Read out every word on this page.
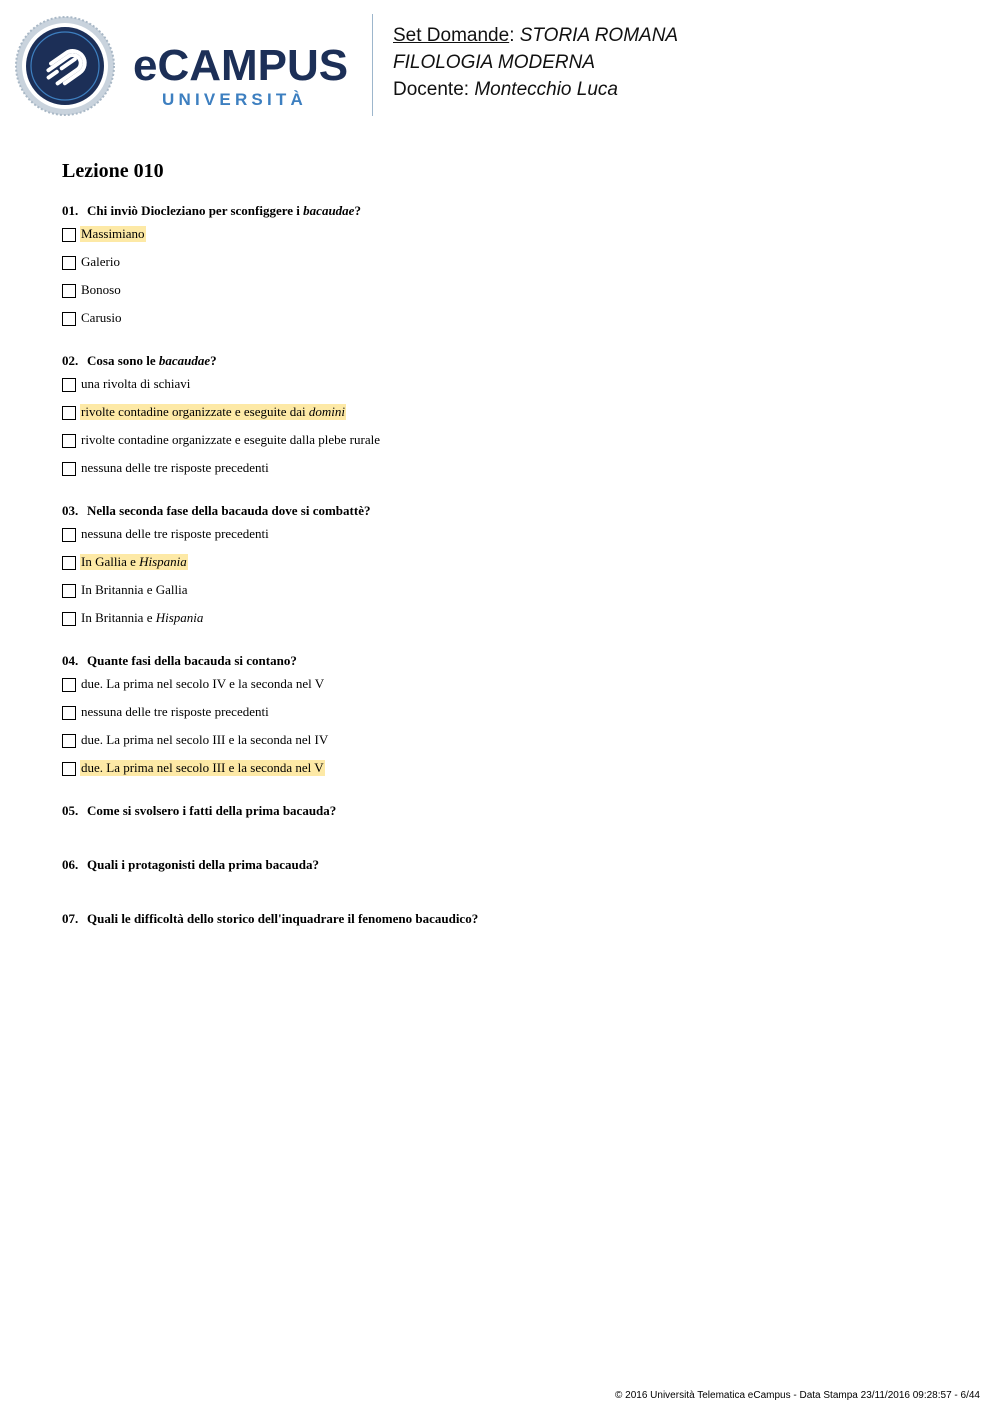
eCAMPUS
UNIVERSITÀ
Set Domande: STORIA ROMANA
FILOLOGIA MODERNA
Docente: Montecchio Luca
Lezione 010
01. Chi inviò Diocleziano per sconfiggere i bacaudae?
Massimiano
Galerio
Bonoso
Carusio
02. Cosa sono le bacaudae?
una rivolta di schiavi
rivolte contadine organizzate e eseguite dai domini
rivolte contadine organizzate e eseguite dalla plebe rurale
nessuna delle tre risposte precedenti
03. Nella seconda fase della bacauda dove si combattè?
nessuna delle tre risposte precedenti
In Gallia e Hispania
In Britannia e Gallia
In Britannia e Hispania
04. Quante fasi della bacauda si contano?
due. La prima nel secolo IV e la seconda nel V
nessuna delle tre risposte precedenti
due. La prima nel secolo III e la seconda nel IV
due. La prima nel secolo III e la seconda nel V
05. Come si svolsero i fatti della prima bacauda?
06. Quali i protagonisti della prima bacauda?
07. Quali le difficoltà dello storico dell'inquadrare il fenomeno bacaudico?
© 2016 Università Telematica eCampus - Data Stampa 23/11/2016 09:28:57 - 6/44
